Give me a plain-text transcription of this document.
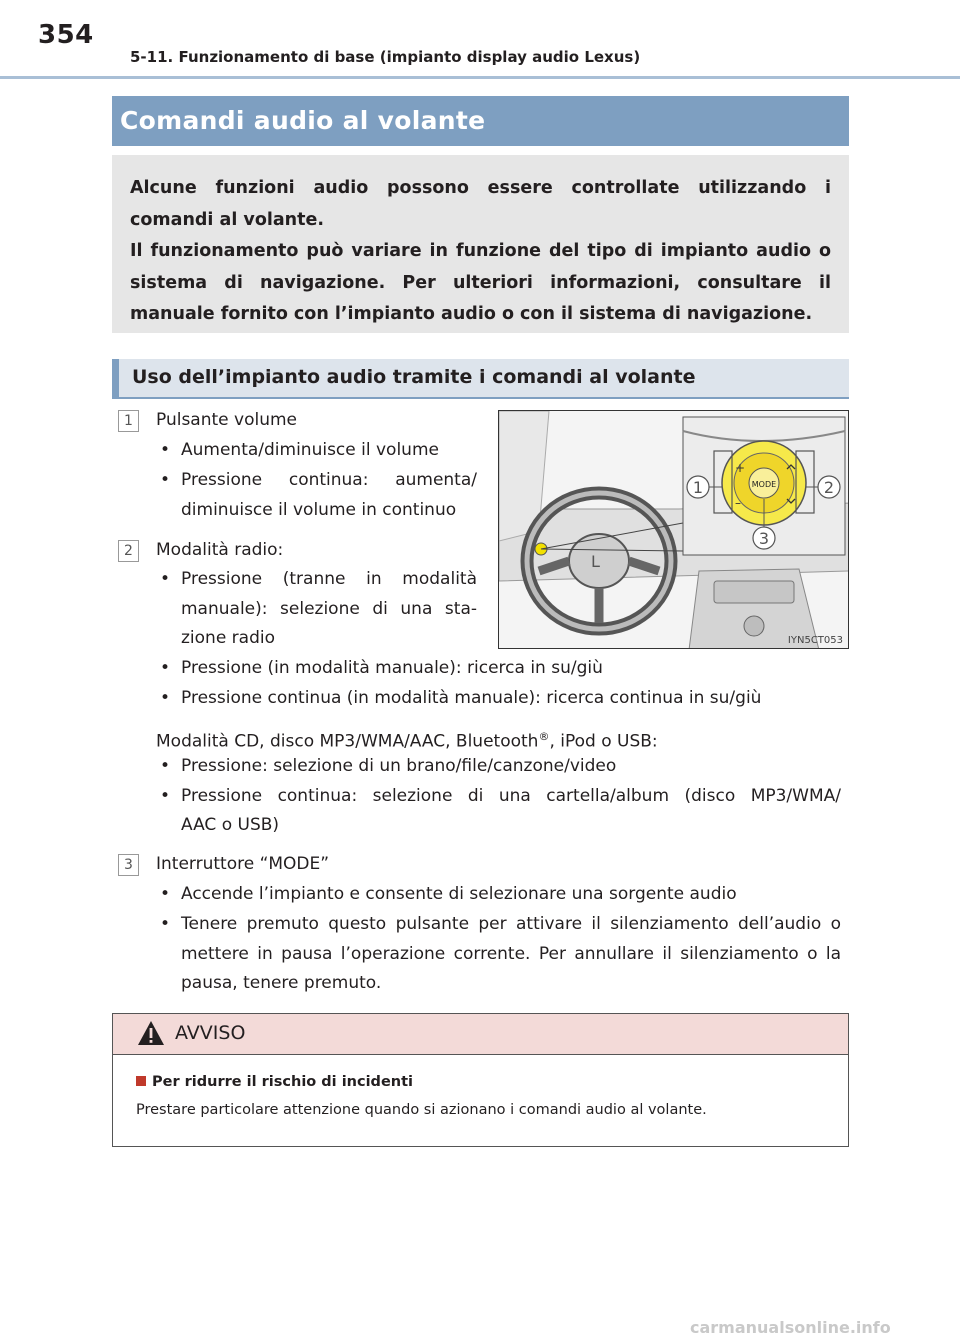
354
5-11. Funzionamento di base (impianto display audio Lexus)
Comandi audio al volante

Alcune funzioni audio possono essere controllate utilizzando i comandi al volante.

Il funzionamento può variare in funzione del tipo di impianto audio o sistema di navigazione. Per ulteriori informazioni, consultare il manuale fornito con l’impianto audio o con il sistema di navigazione.

Uso dell’impianto audio tramite i comandi al volante
1	Pulsante volume
• Aumenta/diminuisce il volume
• Pressione continua: aumenta/
diminuisce il volume in continuo
2	Modalità radio:
• Pressione (tranne in modalità
manuale): selezione di una sta-
zione radio
• Pressione (in modalità manuale): ricerca in su/giù
• Pressione continua (in modalità manuale): ricerca continua in su/giù
Modalità CD, disco MP3/WMA/AAC, Bluetooth®, iPod o USB:
• Pressione: selezione di un brano/file/canzone/video
• Pressione continua: selezione di una cartella/album (disco MP3/WMA/
AAC o USB)
3	Interruttore “MODE”
• Accende l’impianto e consente di selezionare una sorgente audio
• Tenere premuto questo pulsante per attivare il silenziamento dell’audio o
mettere in pausa l’operazione corrente. Per annullare il silenziamento o la
pausa, tenere premuto.
L
MODE
+
–
1	2
3
IYN5CT053
AVVISO
Per ridurre il rischio di incidenti
Prestare particolare attenzione quando si azionano i comandi audio al volante.
carmanualsonline.info
